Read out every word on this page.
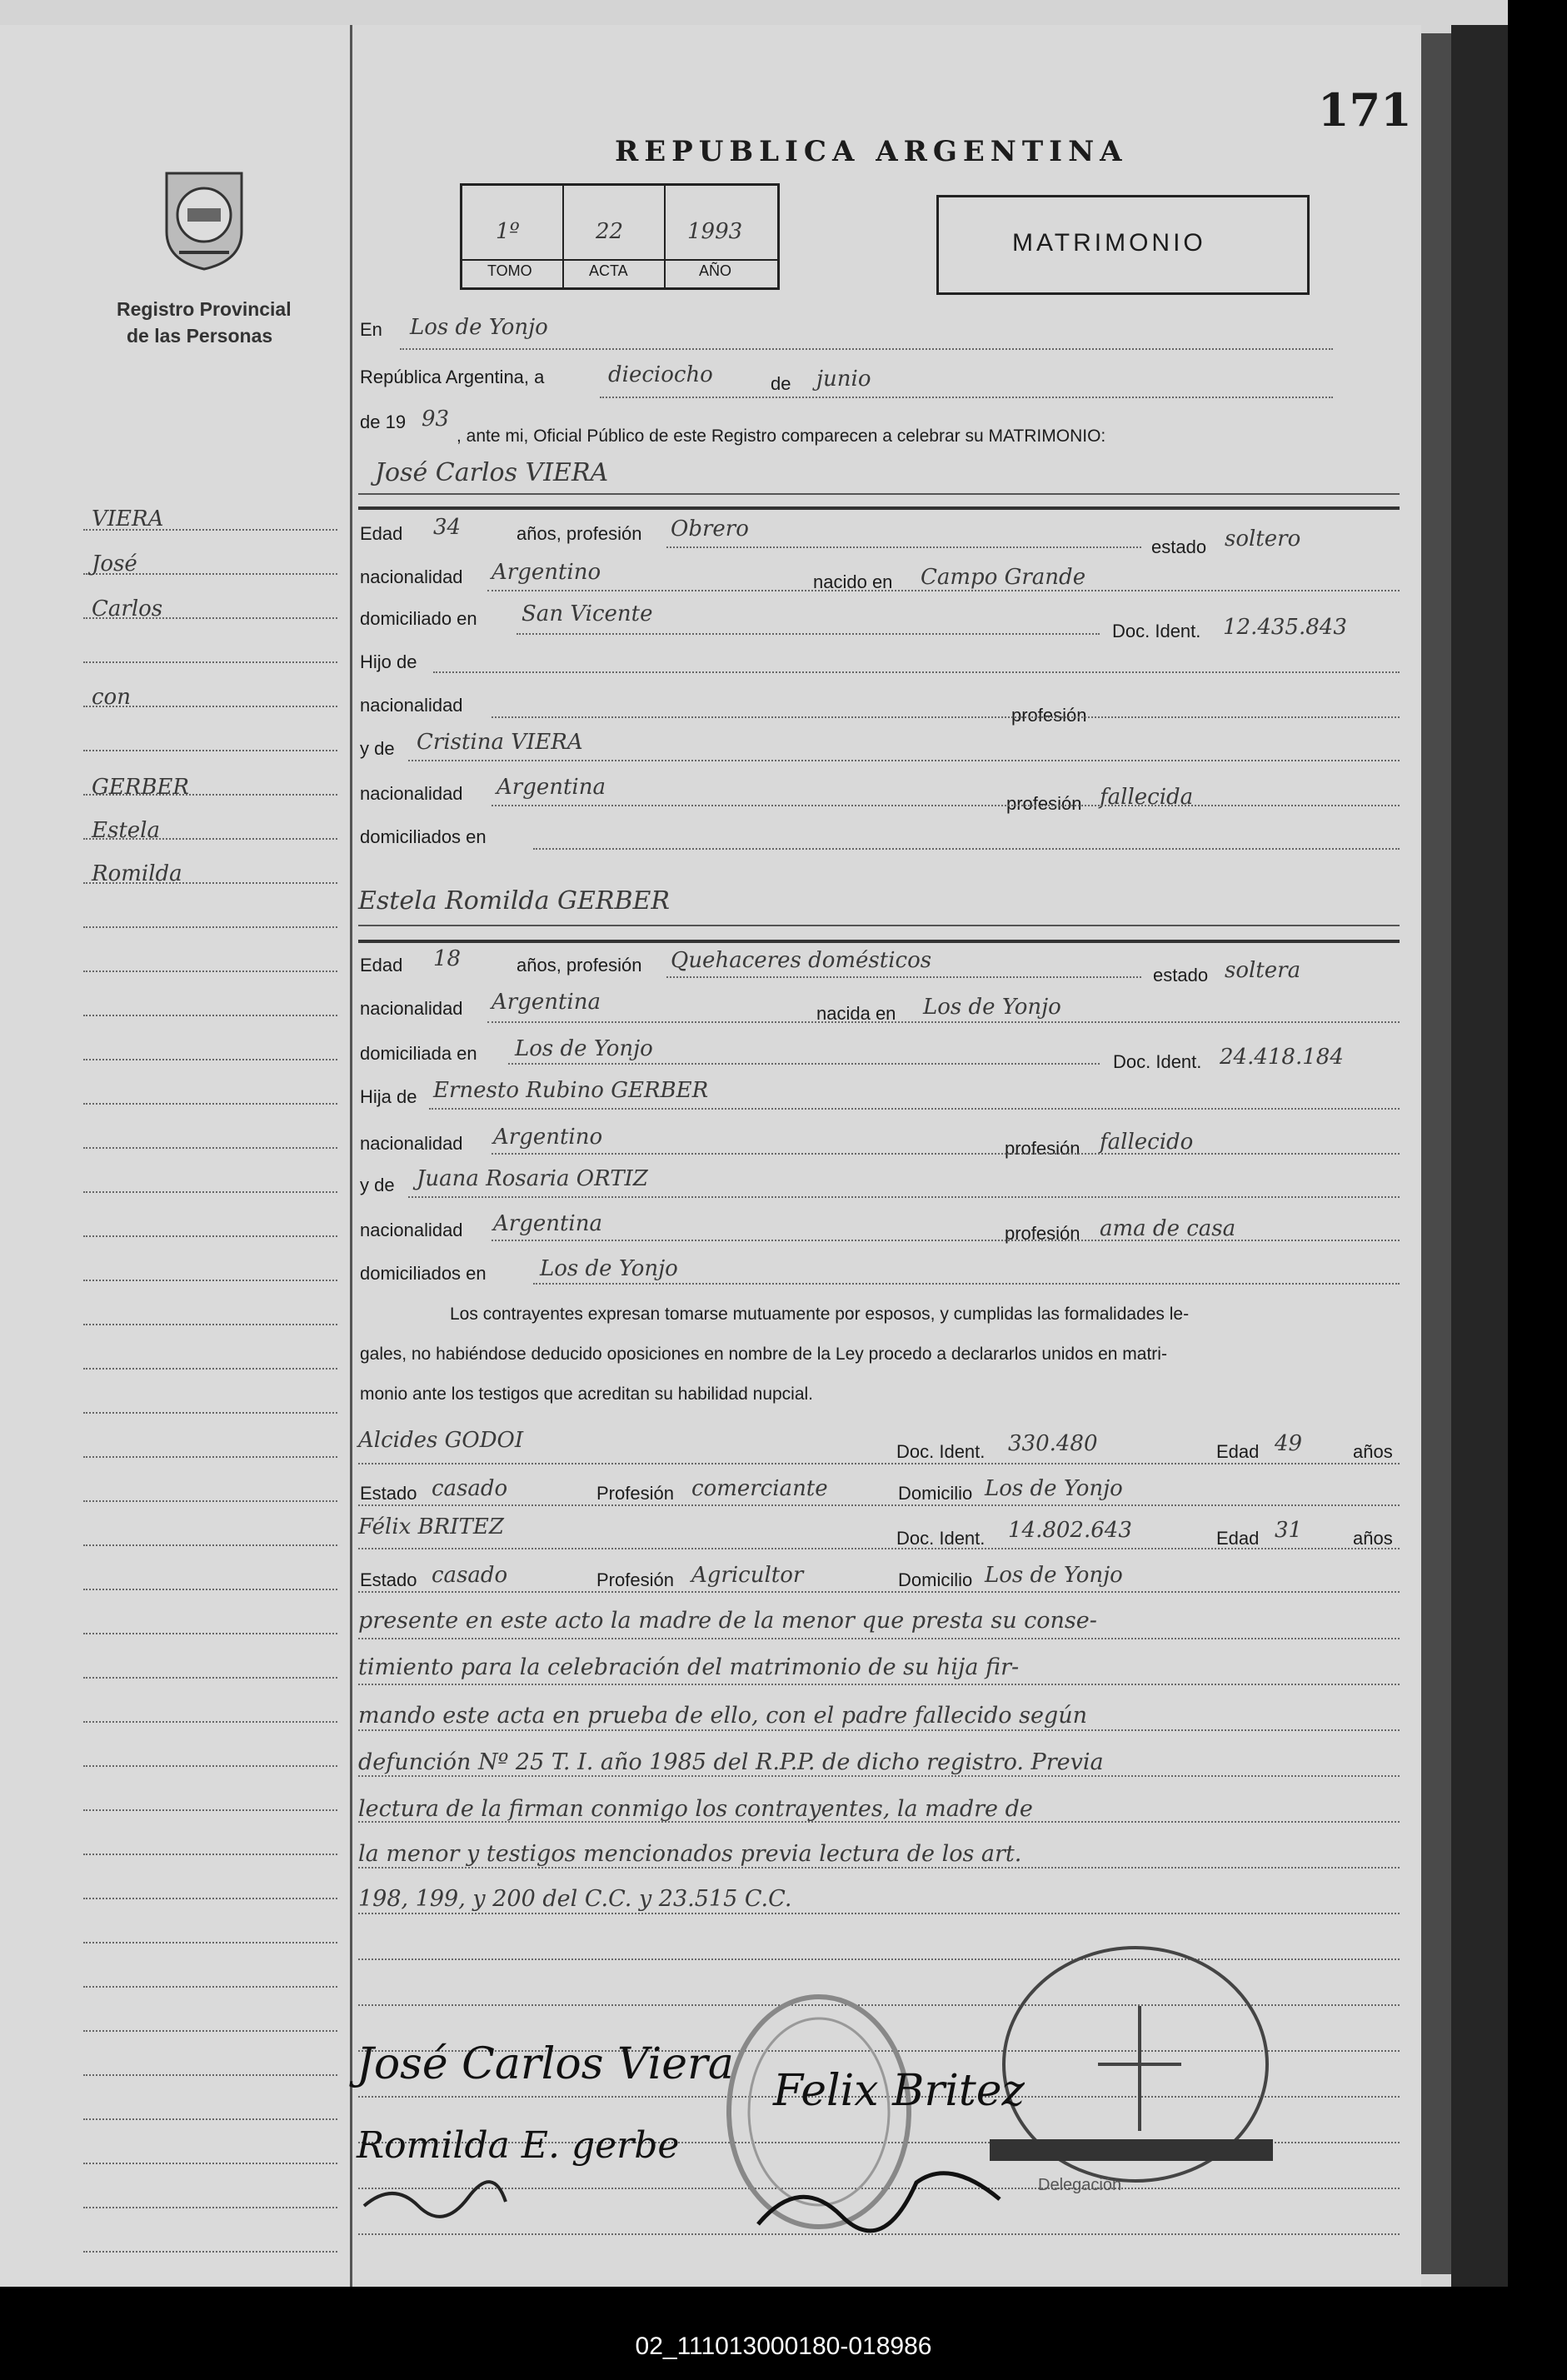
171
Registro Provincial
de las Personas
VIERA
José
Carlos
con
GERBER
Estela
Romilda
REPUBLICA ARGENTINA
1º	22	1993
TOMO	ACTA	AÑO
MATRIMONIO
En Los de Yonjo
República Argentina, a	dieciocho	de junio
de 19 93
, ante mi, Oficial Público de este Registro comparecen a celebrar su MATRIMONIO:
José Carlos VIERA
Edad 34	años, profesión Obrero
estado soltero
nacionalidad Argentino	nacido en Campo Grande
domiciliado en San Vicente
Doc. Ident. 12.435.843
Hijo de
nacionalidad	profesión
y de Cristina VIERA
nacionalidad Argentina
profesión fallecida
domiciliados en
Estela Romilda GERBER
Edad 18	años, profesión Quehaceres domésticos
estado soltera
nacionalidad Argentina	nacida en Los de Yonjo
domiciliada en Los de Yonjo
Doc. Ident. 24.418.184
Hija de Ernesto Rubino GERBER
nacionalidad Argentino	profesión fallecido
y de Juana Rosaria ORTIZ
nacionalidad Argentina	profesión ama de casa
domiciliados en Los de Yonjo
Los contrayentes expresan tomarse mutuamente por esposos, y cumplidas las formalidades le-
gales, no habiéndose deducido oposiciones en nombre de la Ley procedo a declararlos unidos en matri-
monio ante los testigos que acreditan su habilidad nupcial.
Alcides GODOI	Doc. Ident. 330.480	Edad 49	años
Estado casado	Profesión comerciante	Domicilio Los de Yonjo
Félix BRITEZ	Doc. Ident. 14.802.643	Edad 31	años
Estado casado	Profesión Agricultor	Domicilio Los de Yonjo
presente en este acto la madre de la menor que presta su conse-
timiento para la celebración del matrimonio de su hija fir-
mando este acta en prueba de ello, con el padre fallecido según
defunción Nº 25 T. I. año 1985 del R.P.P. de dicho registro. Previa
lectura de la firman conmigo los contrayentes, la madre de
la menor y testigos mencionados previa lectura de los art.
198, 199, y 200 del C.C. y 23.515 C.C.
Delegación
José Carlos Viera
Romilda E. gerbe
Felix Britez
02_111013000180-018986
